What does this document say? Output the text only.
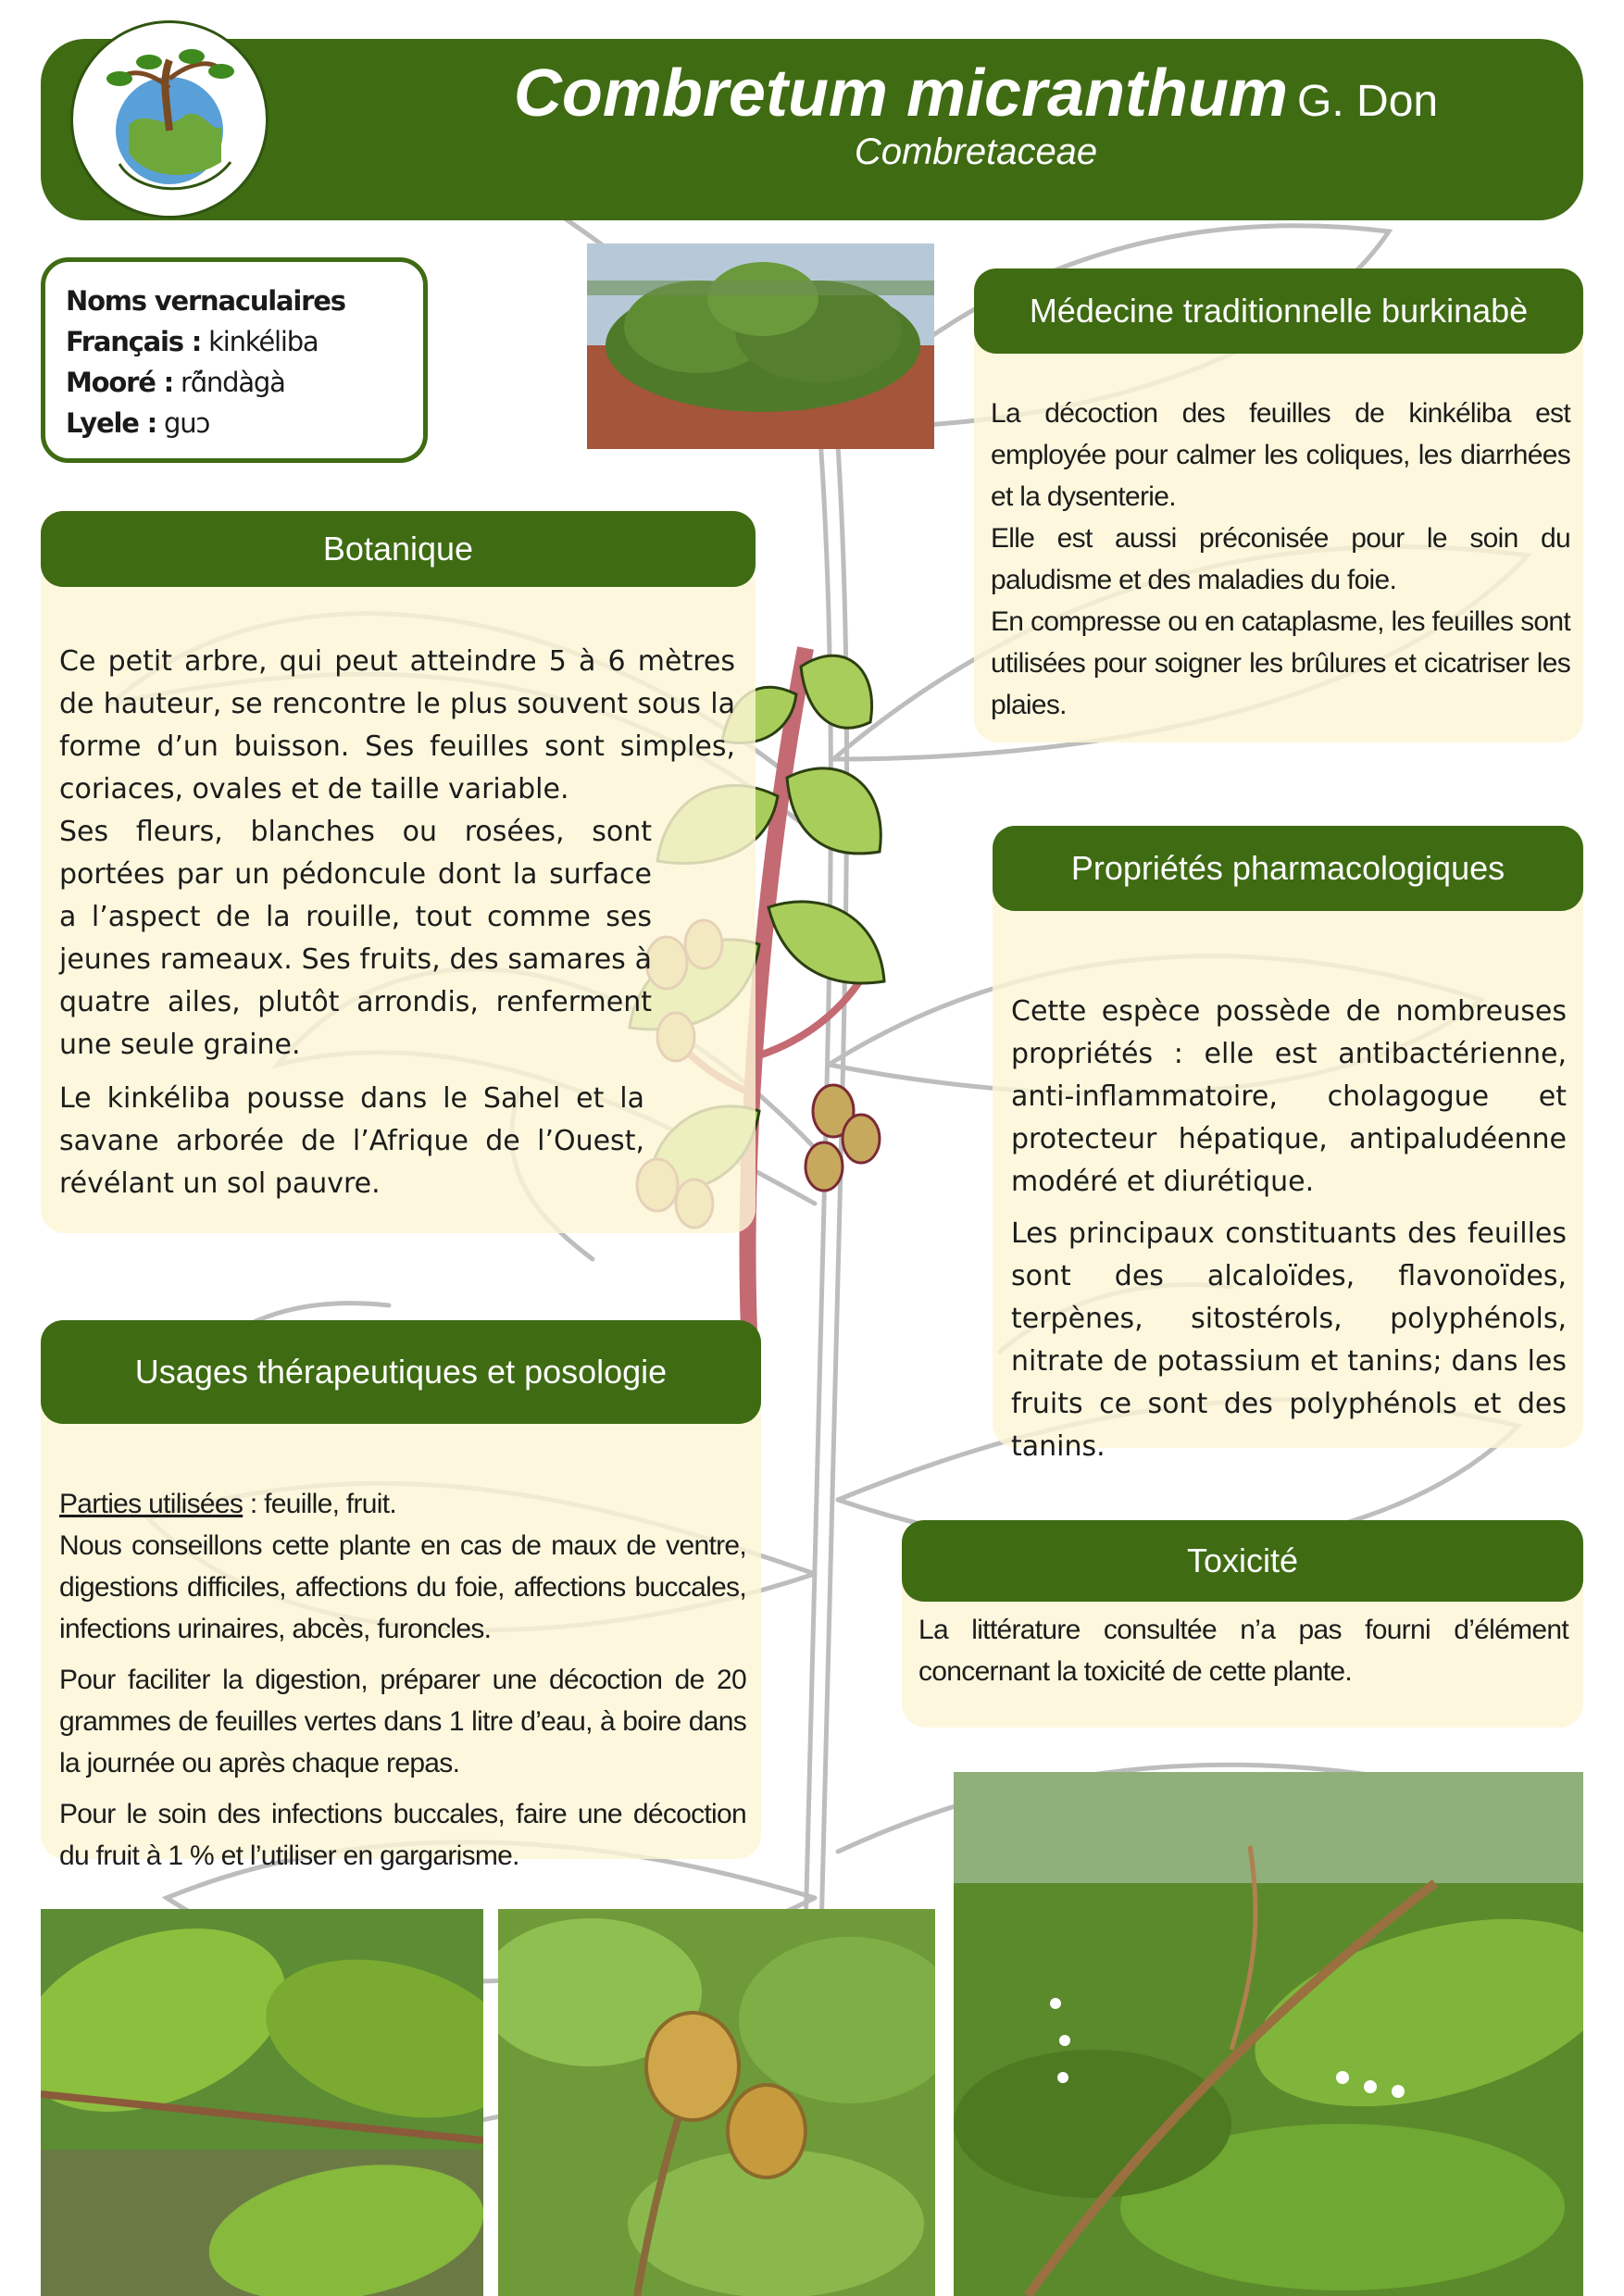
Combretum micranthum G. Don
Combretaceae
Noms vernaculaires
Français : kinkéliba
Mooré : rɑ̃́ndàgà
Lyele : guɔ
Ce petit arbre, qui peut atteindre 5 à 6 mètres de hauteur, se rencontre le plus souvent sous la forme d’un buisson. Ses feuilles sont simples, coriaces, ovales et de taille variable.
Ses fleurs, blanches ou rosées, sont portées par un pédoncule dont la surface a l’aspect de la rouille, tout comme ses jeunes rameaux. Ses fruits, des samares à quatre ailes, plutôt arrondis, renferment une seule graine.
Le kinkéliba pousse dans le Sahel et la savane arborée de l’Afrique de l’Ouest, révélant un sol pauvre.
Botanique

La décoction des feuilles de kinkéliba est employée pour calmer les coliques, les diarrhées et la dysenterie.

Elle est aussi préconisée pour le soin du paludisme et des maladies du foie.

En compresse ou en cataplasme, les feuilles sont utilisées pour soigner les brûlures et cicatriser les plaies.

Médecine traditionnelle burkinabè

Cette espèce possède de nombreuses propriétés : elle est antibactérienne, anti-inflammatoire, cholagogue et protecteur hépatique, antipaludéenne modéré et diurétique.

Les principaux constituants des feuilles sont des alcaloïdes, flavonoïdes, terpènes, sitostérols, polyphénols, nitrate de potassium et tanins; dans les fruits ce sont des polyphénols et des tanins.

Propriétés pharmacologiques

Parties utilisées : feuille, fruit.

Nous conseillons cette plante en cas de maux de ventre, digestions difficiles, affections du foie, affections buccales, infections urinaires, abcès, furoncles.

Pour faciliter la digestion, préparer une décoction de 20 grammes de feuilles vertes dans 1 litre d’eau, à boire dans la journée ou après chaque repas.

Pour le soin des infections buccales, faire une décoction du fruit à 1 % et l’utiliser en gargarisme.

Usages thérapeutiques et posologie

La littérature consultée n’a pas fourni d’élément concernant la toxicité de cette plante.

Toxicité
